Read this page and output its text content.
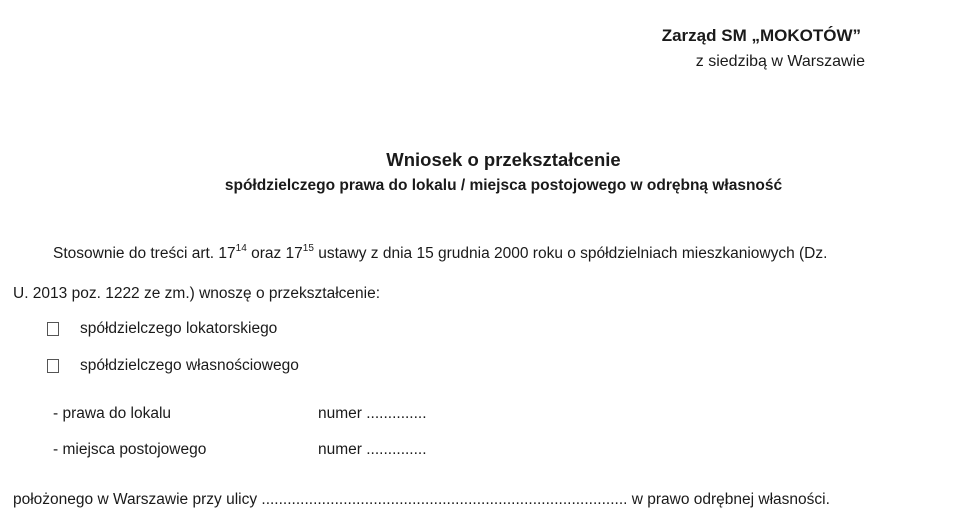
Zarząd SM „MOKOTÓW”
z siedzibą w Warszawie
Wniosek o przekształcenie
spółdzielczego prawa do lokalu / miejsca postojowego w odrębną własność
Stosownie do treści art. $17^{14}$ oraz $17^{15}$ ustawy z dnia 15 grudnia 2000 roku o spółdzielniach mieszkaniowych (Dz.
U. 2013 poz. 1222 ze zm.) wnoszę o przekształcenie:
spółdzielczego lokatorskiego
spółdzielczego własnościowego
- prawa do lokalu	numer ..............
- miejsca postojowego	numer ..............
położonego w Warszawie przy ulicy ..................................................................................... w prawo odrębnej własności.
